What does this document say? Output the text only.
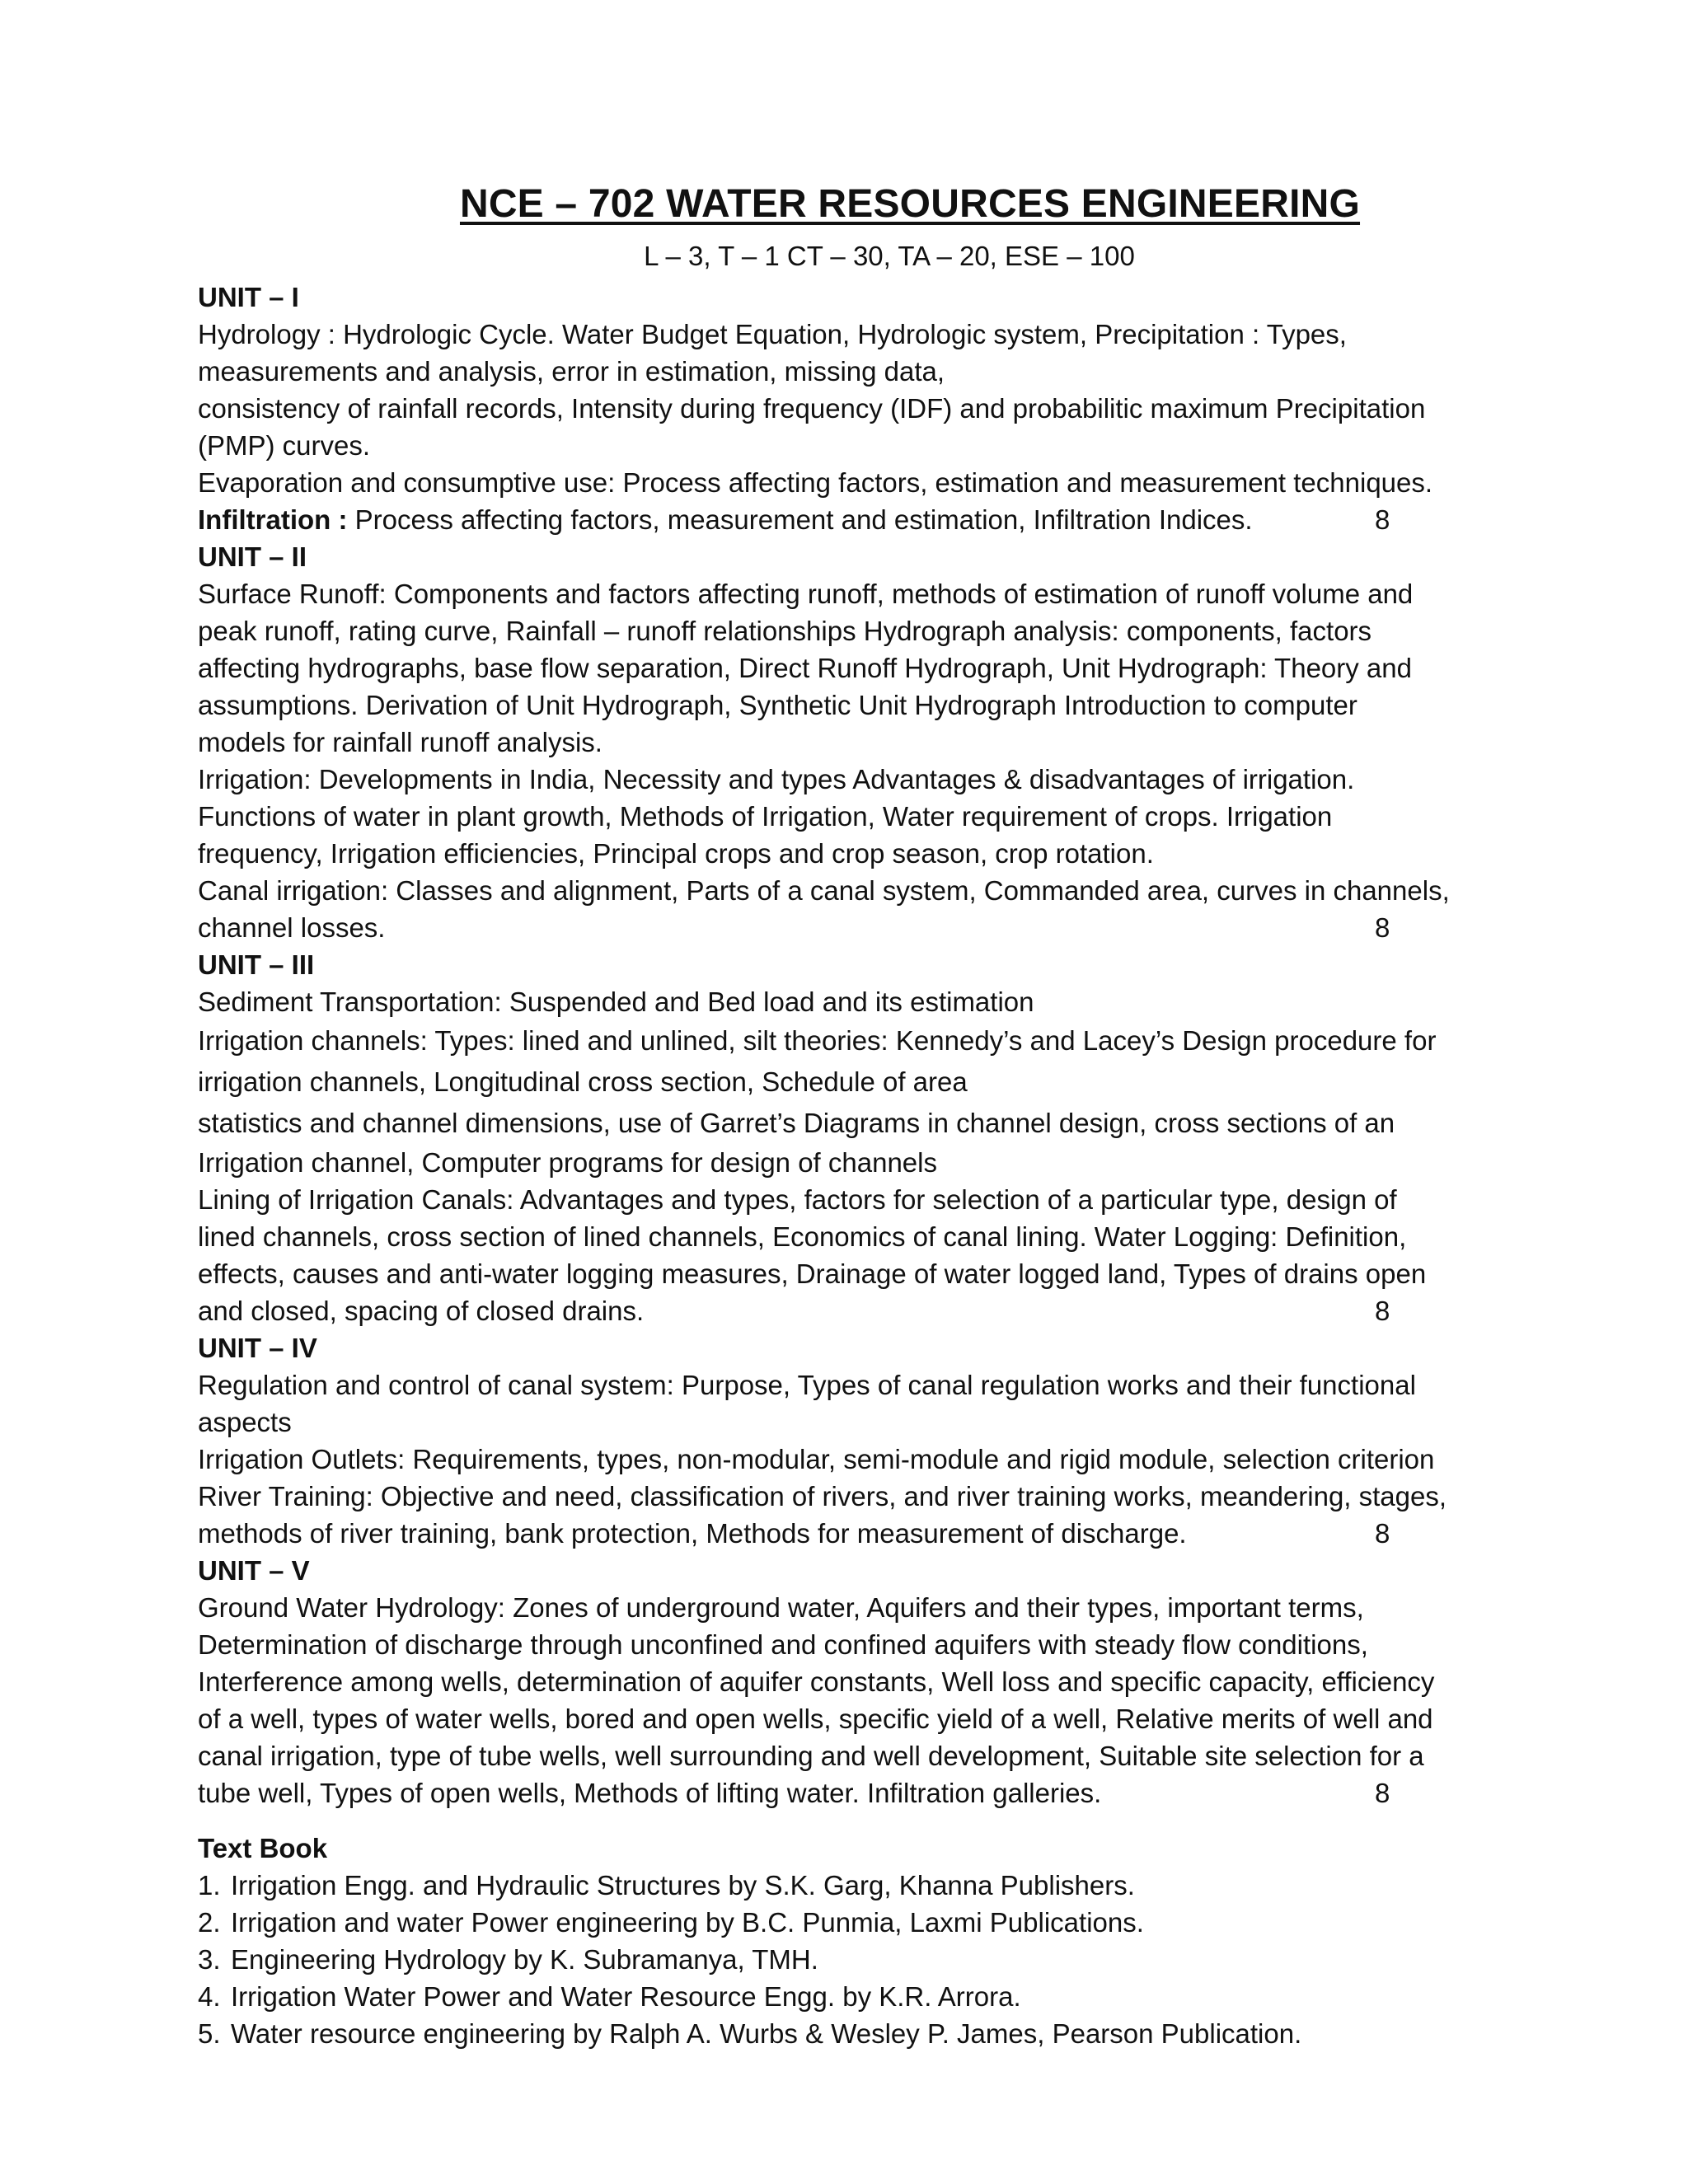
NCE – 702 WATER RESOURCES ENGINEERING
L – 3, T – 1 CT – 30, TA – 20, ESE – 100
UNIT – I
Hydrology : Hydrologic Cycle. Water Budget Equation, Hydrologic system, Precipitation : Types,
measurements and analysis, error in estimation, missing data,
consistency of rainfall records, Intensity during frequency (IDF) and probabilitic maximum Precipitation
(PMP) curves.
Evaporation and consumptive use: Process affecting factors, estimation and measurement techniques.
Infiltration : Process affecting factors, measurement and estimation, Infiltration Indices.	8
UNIT – II
Surface Runoff: Components and factors affecting runoff, methods of estimation of runoff volume and
peak runoff, rating curve, Rainfall – runoff relationships Hydrograph analysis: components, factors
affecting hydrographs, base flow separation, Direct Runoff Hydrograph, Unit Hydrograph: Theory and
assumptions. Derivation of Unit Hydrograph, Synthetic Unit Hydrograph Introduction to computer
models for rainfall runoff analysis.
Irrigation: Developments in India, Necessity and types Advantages & disadvantages of irrigation.
Functions of water in plant growth, Methods of Irrigation, Water requirement of crops. Irrigation
frequency, Irrigation efficiencies, Principal crops and crop season, crop rotation.
Canal irrigation: Classes and alignment, Parts of a canal system, Commanded area, curves in channels,
channel losses.	8
UNIT – III
Sediment Transportation: Suspended and Bed load and its estimation
Irrigation channels: Types: lined and unlined, silt theories: Kennedy’s and Lacey’s Design procedure for
irrigation channels, Longitudinal cross section, Schedule of area
statistics and channel dimensions, use of Garret’s Diagrams in channel design, cross sections of an
Irrigation channel, Computer programs for design of channels
Lining of Irrigation Canals: Advantages and types, factors for selection of a particular type, design of
lined channels, cross section of lined channels, Economics of canal lining. Water Logging: Definition,
effects, causes and anti-water logging measures, Drainage of water logged land, Types of drains open
and closed, spacing of closed drains.	8
UNIT – IV
Regulation and control of canal system: Purpose, Types of canal regulation works and their functional
aspects
Irrigation Outlets: Requirements, types, non-modular, semi-module and rigid module, selection criterion
River Training: Objective and need, classification of rivers, and river training works, meandering, stages,
methods of river training, bank protection, Methods for measurement of discharge.	8
UNIT – V
Ground Water Hydrology: Zones of underground water, Aquifers and their types, important terms,
Determination of discharge through unconfined and confined aquifers with steady flow conditions,
Interference among wells, determination of aquifer constants, Well loss and specific capacity, efficiency
of a well, types of water wells, bored and open wells, specific yield of a well, Relative merits of well and
canal irrigation, type of tube wells, well surrounding and well development, Suitable site selection for a
tube well, Types of open wells, Methods of lifting water. Infiltration galleries.	8
Text Book
1. Irrigation Engg. and Hydraulic Structures by S.K. Garg, Khanna Publishers.
2. Irrigation and water Power engineering by B.C. Punmia, Laxmi Publications.
3. Engineering Hydrology by K. Subramanya, TMH.
4. Irrigation Water Power and Water Resource Engg. by K.R. Arrora.
5. Water resource engineering by Ralph A. Wurbs & Wesley P. James, Pearson Publication.
